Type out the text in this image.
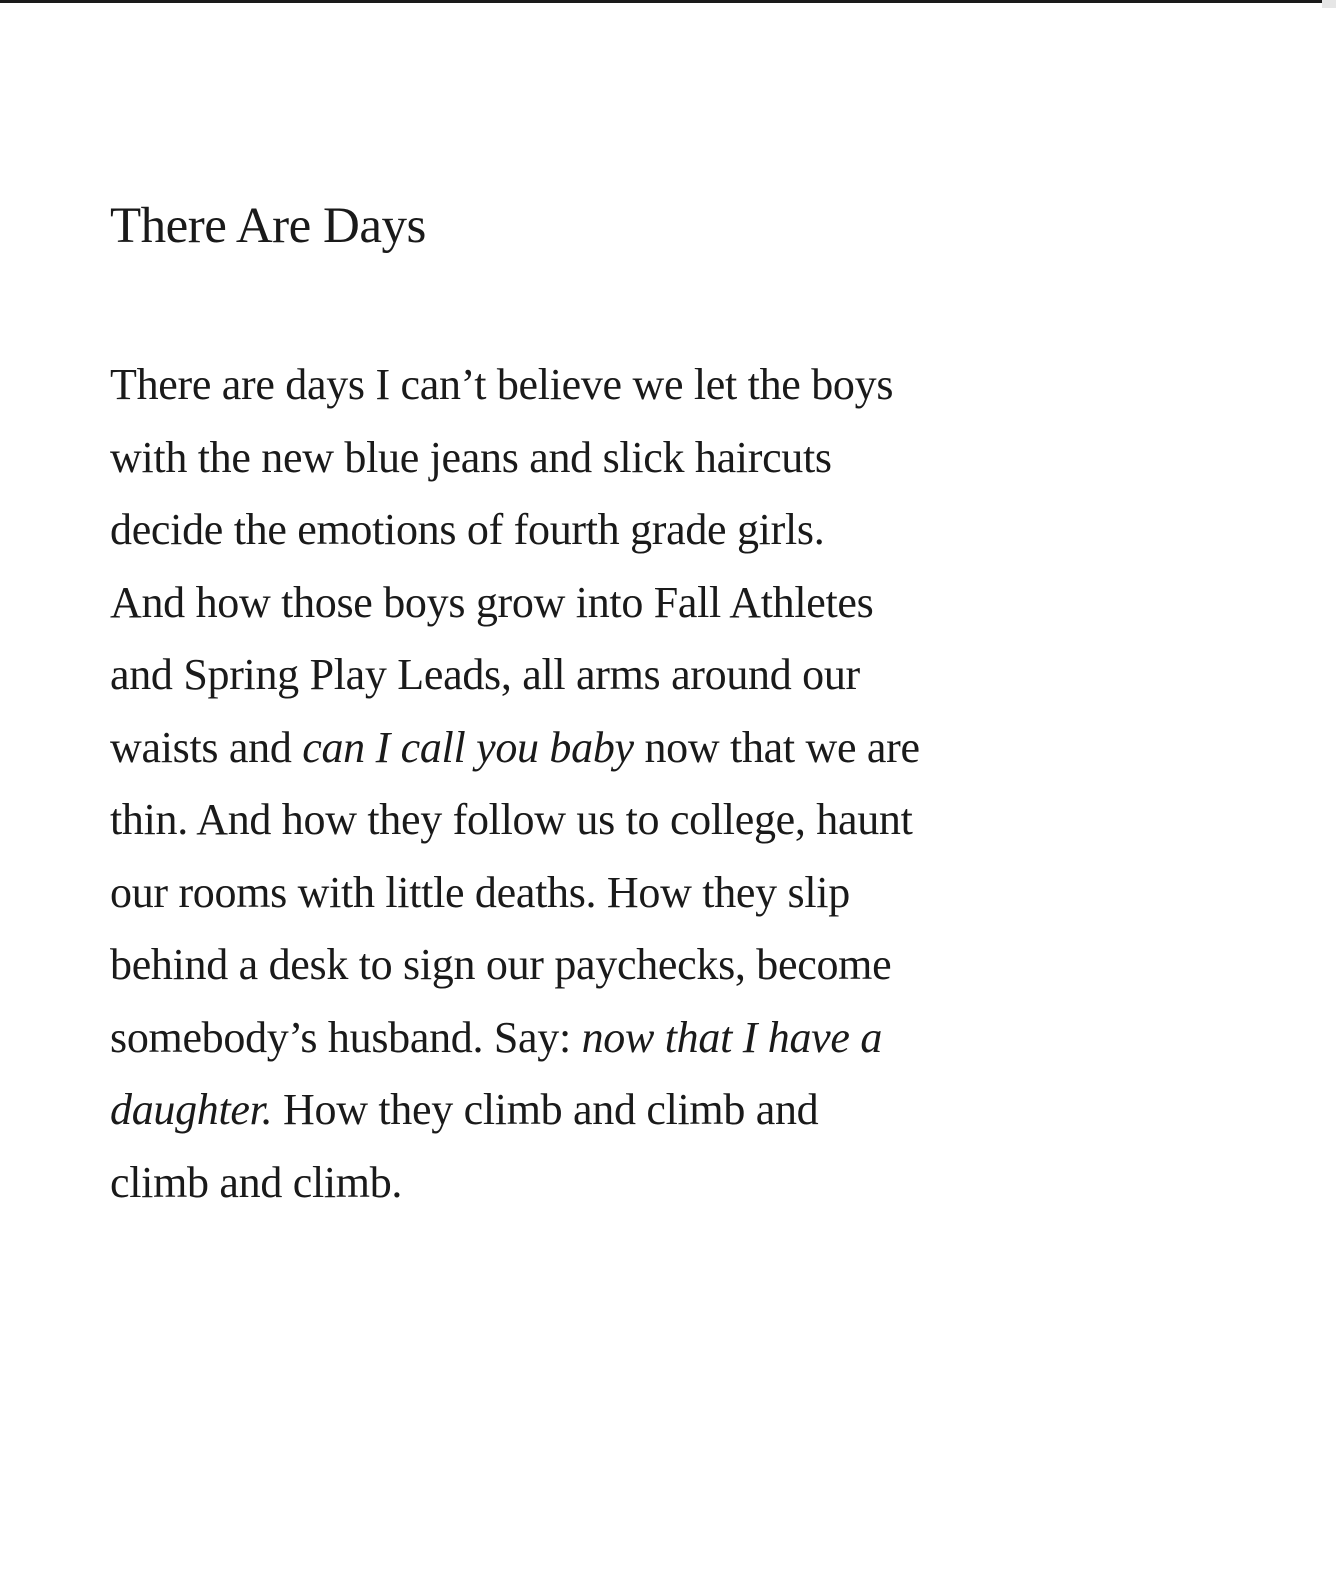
There Are Days
There are days I can’t believe we let the boys
with the new blue jeans and slick haircuts
decide the emotions of fourth grade girls.
And how those boys grow into Fall Athletes
and Spring Play Leads, all arms around our
waists and can I call you baby now that we are
thin. And how they follow us to college, haunt
our rooms with little deaths. How they slip
behind a desk to sign our paychecks, become
somebody’s husband. Say: now that I have a
daughter. How they climb and climb and
climb and climb.
